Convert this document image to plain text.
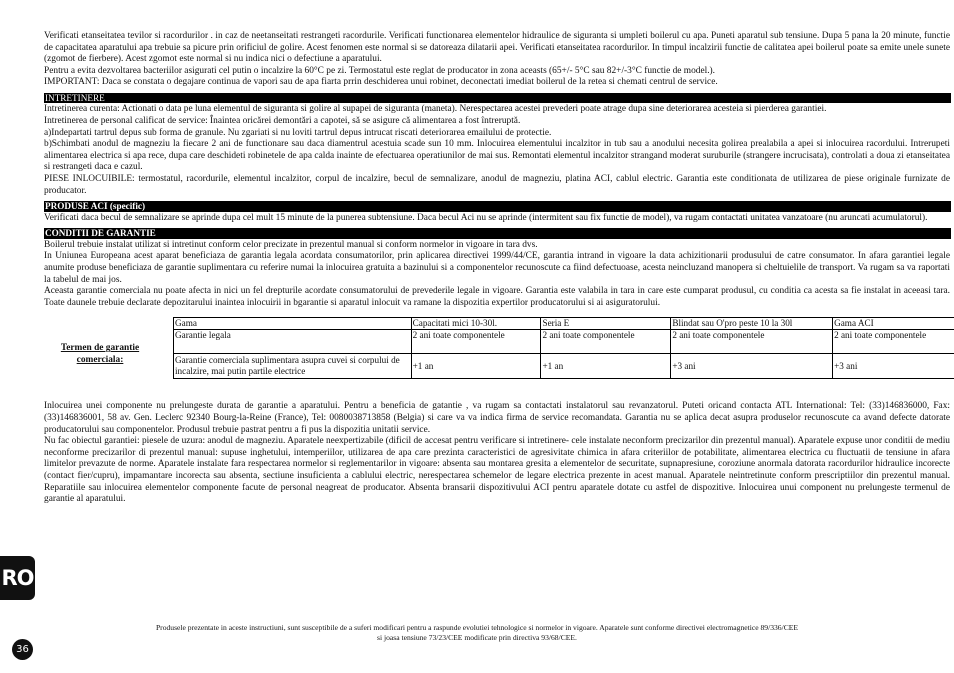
Verificati etanseitatea tevilor si racordurilor . in caz de neetanseitati restrangeti racordurile. Verificati functionarea elementelor hidraulice de siguranta si umpleti boilerul cu apa. Puneti aparatul sub tensiune. Dupa 5 pana la 20 minute, functie de capacitatea aparatului apa trebuie sa picure prin orificiul de golire. Acest fenomen este normal si se datoreaza dilatarii apei. Verificati etanseitatea racordurilor. In timpul incalzirii functie de calitatea apei boilerul poate sa emite unele sunete (zgomot de fierbere). Acest zgomot este normal si nu indica nici o defectiune a aparatului.

Pentru a evita dezvoltarea bacteriilor asigurati cel putin o incalzire la 60°C pe zi. Termostatul este reglat de producator in zona aceasts (65+/- 5°C sau 82+/-3°C functie de model.).

IMPORTANT: Daca se constata o degajare continua de vapori sau de apa fiarta prrin deschiderea unui robinet, deconectati imediat boilerul de la retea si chemati centrul de service.

INTRETINERE

Intretinerea curenta: Actionati o data pe luna elementul de siguranta si golire al supapei de siguranta (maneta). Nerespectarea acestei prevederi poate atrage dupa sine deteriorarea acesteia si pierderea garantiei.

Intretinerea de personal calificat de service: Înaintea oricărei demontări a capotei, să se asigure că alimentarea a fost întreruptă.

a)Indepartati tartrul depus sub forma de granule. Nu zgariati si nu loviti tartrul depus intrucat riscati deteriorarea emailului de protectie.

b)Schimbati anodul de magneziu la fiecare 2 ani de functionare sau daca diamentrul acestuia scade sun 10 mm. Inlocuirea elementului incalzitor in tub sau a anodului necesita golirea prealabila a apei si inlocuirea racordului. Intrerupeti alimentarea electrica si apa rece, dupa care deschideti robinetele de apa calda inainte de efectuarea operatiunilor de mai sus. Remontati elementul incalzitor strangand moderat suruburile (strangere incrucisata), controlati a doua zi etanseitatea si restrangeti daca e cazul.

PIESE INLOCUIBILE: termostatul, racordurile, elementul incalzitor, corpul de incalzire, becul de semnalizare, anodul de magneziu, platina ACI, cablul electric. Garantia este conditionata de utilizarea de piese originale furnizate de producator.

PRODUSE ACI (specific)

Verificati daca becul de semnalizare se aprinde dupa cel mult 15 minute de la punerea subtensiune. Daca becul Aci nu se aprinde (intermitent sau fix functie de model), va rugam contactati unitatea vanzatoare (nu aruncati acumulatorul).

CONDITII DE GARANTIE

Boilerul trebuie instalat utilizat si intretinut conform celor precizate in prezentul manual si conform normelor in vigoare in tara dvs.

In Uniunea Europeana acest aparat beneficiaza de garantia legala acordata consumatorilor, prin aplicarea directivei 1999/44/CE, garantia intrand in vigoare la data achizitionarii produsului de catre consumator. In afara garantiei legale anumite produse beneficiaza de garantie suplimentara cu referire numai la inlocuirea gratuita a bazinului si a componentelor recunoscute ca fiind defectuoase, acesta neincluzand manopera si cheltuielile de transport. Va rugam sa va raportati la tabelul de mai jos.

Aceasta garantie comerciala nu poate afecta in nici un fel drepturile acordate consumatorului de prevederile legale in vigoare. Garantia este valabila in tara in care este cumparat produsul, cu conditia ca acesta sa fie instalat in aceeasi tara. Toate daunele trebuie declarate depozitarului inaintea inlocuirii in bgarantie si aparatul inlocuit va ramane la dispozitia expertilor producatorului si ai asiguratorului.

Termen de garantie comerciala:
Gama	Capacitati mici 10-30l.	Seria E	Blindat sau O'pro peste 10 la 30l	Gama ACI
Garantie legala	2 ani toate componentele	2 ani toate componentele	2 ani toate componentele	2 ani toate componentele
Garantie comerciala suplimentara asupra cuvei si corpului de incalzire, mai putin partile electrice	+1 an	+1 an	+3 ani	+3 ani

Inlocuirea unei componente nu prelungeste durata de garantie a aparatului. Pentru a beneficia de gatantie , va rugam sa contactati instalatorul sau revanzatorul. Puteti oricand contacta ATL International: Tel: (33)146836000, Fax: (33)146836001, 58 av. Gen. Leclerc 92340 Bourg-la-Reine (France), Tel: 0080038713858 (Belgia) si care va va indica firma de service recomandata. Garantia nu se aplica decat asupra produselor recunoscute ca avand defecte datorate producatorului sau componentelor. Produsul trebuie pastrat pentru a fi pus la dispozitia unitatii service.

Nu fac obiectul garantiei: piesele de uzura: anodul de magneziu. Aparatele neexpertizabile (dificil de accesat pentru verificare si intretinere- cele instalate neconform precizarilor din prezentul manual). Aparatele expuse unor conditii de mediu neconforme precizarilor di prezentul manual: supuse inghetului, intemperiilor, utilizarea de apa care prezinta caracteristici de agresivitate chimica in afara criteriilor de potabilitate, alimentarea electrica cu fluctuatii de tensiune in afara limitelor prevazute de norme. Aparatele instalate fara respectarea normelor si reglementarilor in vigoare: absenta sau montarea gresita a elementelor de securitate, supnapresiune, coroziune anormala datorata racordurilor hidraulice incorecte (contact fier/cupru), impamantare incorecta sau absenta, sectiune insuficienta a cablului electric, nerespectarea schemelor de legare electrica prezente in acest manual. Aparatele neintretinute conform prescriptiilor din prezentul manual. Reparatiile sau inlocuirea elementelor componente facute de personal neagreat de producator. Absenta bransarii dispozitivului ACI pentru aparatele dotate cu astfel de dispozitive. Inlocuirea unui component nu prelungeste termenul de garantie al aparatului.

Produsele prezentate in aceste instructiuni, sunt susceptibile de a suferi modificari pentru a raspunde evolutiei tehnologice si normelor in vigoare. Aparatele sunt conforme directivei electromagnetice 89/336/CEE
si joasa tensiune 73/23/CEE modificate prin directiva 93/68/CEE.
RO
36
